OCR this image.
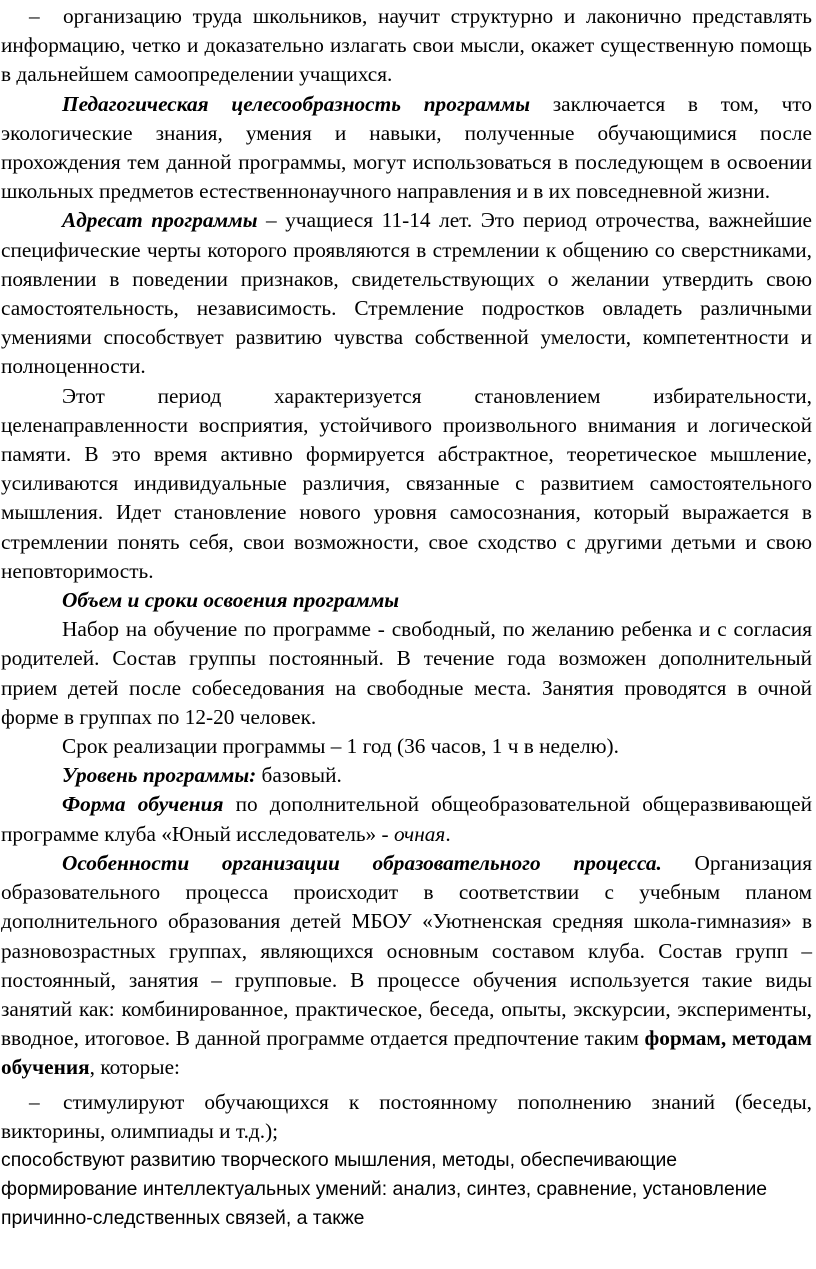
– организацию труда школьников, научит структурно и лаконично представлять информацию, четко и доказательно излагать свои мысли, окажет существенную помощь в дальнейшем самоопределении учащихся.

Педагогическая целесообразность программы заключается в том, что экологические знания, умения и навыки, полученные обучающимися после прохождения тем данной программы, могут использоваться в последующем в освоении школьных предметов естественнонаучного направления и в их повседневной жизни.

Адресат программы – учащиеся 11-14 лет. Это период отрочества, важнейшие специфические черты которого проявляются в стремлении к общению со сверстниками, появлении в поведении признаков, свидетельствующих о желании утвердить свою самостоятельность, независимость. Стремление подростков овладеть различными умениями способствует развитию чувства собственной умелости, компетентности и полноценности.

Этот период характеризуется становлением избирательности, целенаправленности восприятия, устойчивого произвольного внимания и логической памяти. В это время активно формируется абстрактное, теоретическое мышление, усиливаются индивидуальные различия, связанные с развитием самостоятельного мышления. Идет становление нового уровня самосознания, который выражается в стремлении понять себя, свои возможности, свое сходство с другими детьми и свою неповторимость.

Объем и сроки освоения программы

Набор на обучение по программе - свободный, по желанию ребенка и с согласия родителей. Состав группы постоянный. В течение года возможен дополнительный прием детей после собеседования на свободные места. Занятия проводятся в очной форме в группах по 12-20 человек.

Срок реализации программы – 1 год (36 часов, 1 ч в неделю).

Уровень программы: базовый.

Форма обучения по дополнительной общеобразовательной общеразвивающей программе клуба «Юный исследователь» - очная.

Особенности организации образовательного процесса. Организация образовательного процесса происходит в соответствии с учебным планом дополнительного образования детей МБОУ «Уютненская средняя школа-гимназия» в разновозрастных группах, являющихся основным составом клуба. Состав групп – постоянный, занятия – групповые. В процессе обучения используется такие виды занятий как: комбинированное, практическое, беседа, опыты, экскурсии, эксперименты, вводное, итоговое. В данной программе отдается предпочтение таким формам, методам обучения, которые:

– стимулируют обучающихся к постоянному пополнению знаний (беседы, викторины, олимпиады и т.д.);

способствуют развитию творческого мышления, методы, обеспечивающие формирование интеллектуальных умений: анализ, синтез, сравнение, установление причинно-следственных связей, а также
